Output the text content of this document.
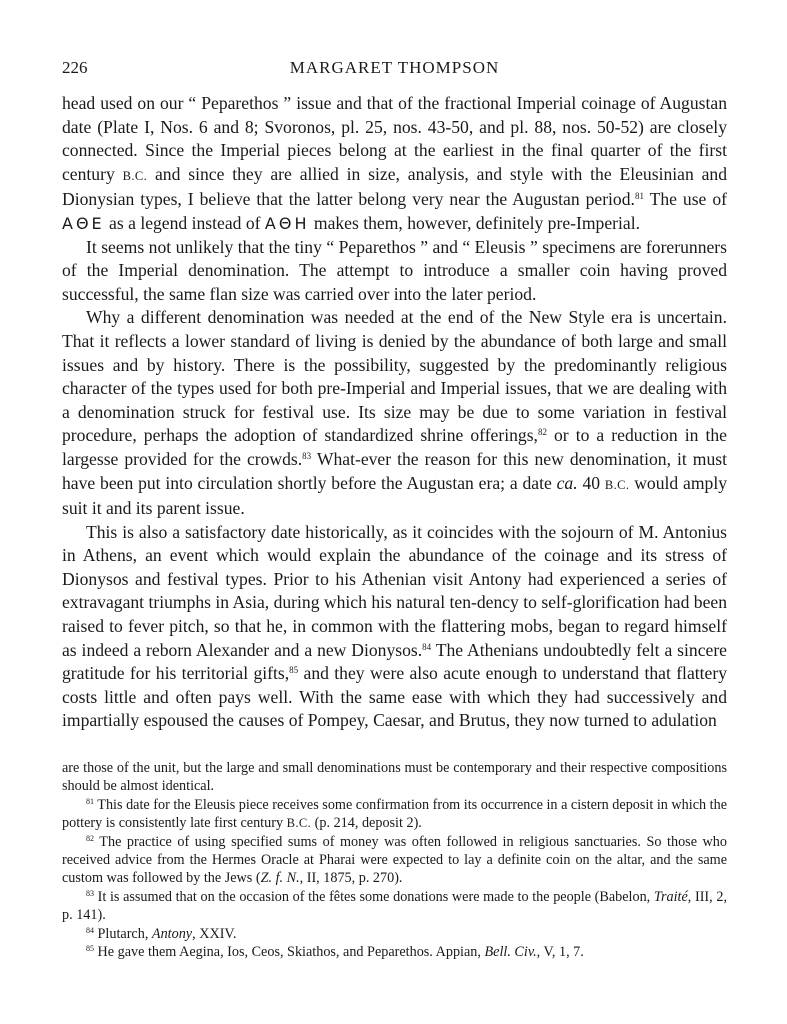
226	MARGARET THOMPSON

head used on our “ Peparethos ” issue and that of the fractional Imperial coinage of Augustan date (Plate I, Nos. 6 and 8; Svoronos, pl. 25, nos. 43-50, and pl. 88, nos. 50-52) are closely connected. Since the Imperial pieces belong at the earliest in the final quarter of the first century B.C. and since they are allied in size, analysis, and style with the Eleusinian and Dionysian types, I believe that the latter belong very near the Augustan period.$^{81}$ The use of ΑΘΕ as a legend instead of ΑΘΗ makes them, however, definitely pre-Imperial.

It seems not unlikely that the tiny “ Peparethos ” and “ Eleusis ” specimens are forerunners of the Imperial denomination. The attempt to introduce a smaller coin having proved successful, the same flan size was carried over into the later period.

Why a different denomination was needed at the end of the New Style era is uncertain. That it reflects a lower standard of living is denied by the abundance of both large and small issues and by history. There is the possibility, suggested by the predominantly religious character of the types used for both pre-Imperial and Imperial issues, that we are dealing with a denomination struck for festival use. Its size may be due to some variation in festival procedure, perhaps the adoption of standardized shrine offerings,$^{82}$ or to a reduction in the largesse provided for the crowds.$^{83}$ What-ever the reason for this new denomination, it must have been put into circulation shortly before the Augustan era; a date ca. 40 B.C. would amply suit it and its parent issue.

This is also a satisfactory date historically, as it coincides with the sojourn of M. Antonius in Athens, an event which would explain the abundance of the coinage and its stress of Dionysos and festival types. Prior to his Athenian visit Antony had experienced a series of extravagant triumphs in Asia, during which his natural ten-dency to self-glorification had been raised to fever pitch, so that he, in common with the flattering mobs, began to regard himself as indeed a reborn Alexander and a new Dionysos.$^{84}$ The Athenians undoubtedly felt a sincere gratitude for his territorial gifts,$^{85}$ and they were also acute enough to understand that flattery costs little and often pays well. With the same ease with which they had successively and impartially espoused the causes of Pompey, Caesar, and Brutus, they now turned to adulation

are those of the unit, but the large and small denominations must be contemporary and their respective compositions should be almost identical.

$^{81}$ This date for the Eleusis piece receives some confirmation from its occurrence in a cistern deposit in which the pottery is consistently late first century B.C. (p. 214, deposit 2).

$^{82}$ The practice of using specified sums of money was often followed in religious sanctuaries. So those who received advice from the Hermes Oracle at Pharai were expected to lay a definite coin on the altar, and the same custom was followed by the Jews (Z. f. N., II, 1875, p. 270).

$^{83}$ It is assumed that on the occasion of the fêtes some donations were made to the people (Babelon, Traité, III, 2, p. 141).

$^{84}$ Plutarch, Antony, XXIV.

$^{85}$ He gave them Aegina, Ios, Ceos, Skiathos, and Peparethos. Appian, Bell. Civ., V, 1, 7.
